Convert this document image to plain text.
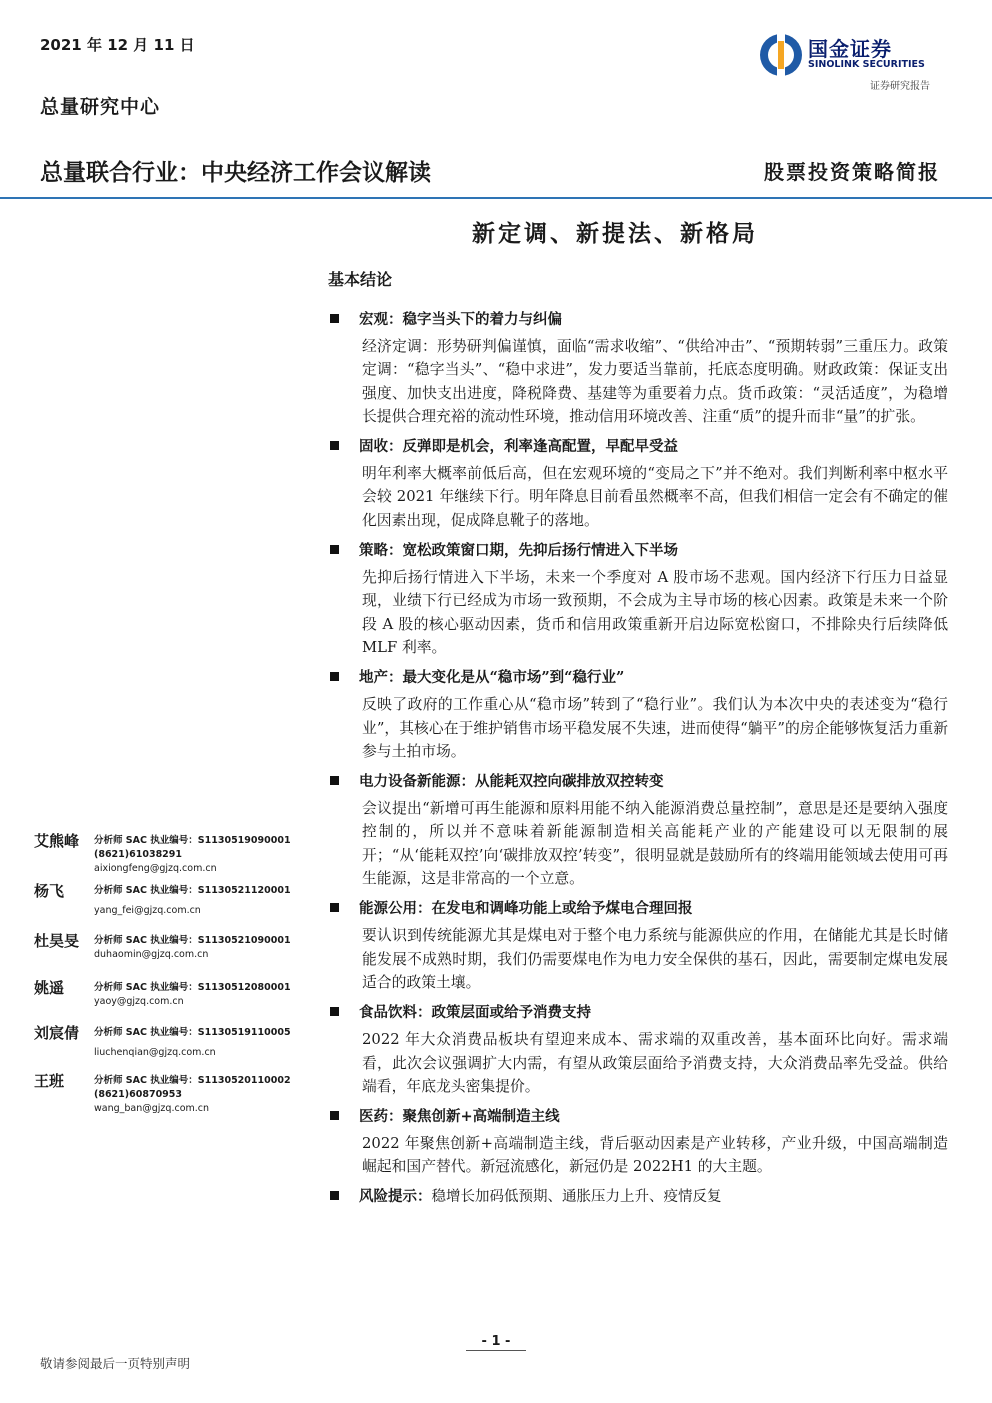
2021 年 12 月 11 日
总量研究中心
国金证券
SINOLINK SECURITIES
证券研究报告
总量联合行业：中央经济工作会议解读	股票投资策略简报
新定调、新提法、新格局
基本结论
宏观：稳字当头下的着力与纠偏
经济定调：形势研判偏谨慎，面临“需求收缩”、“供给冲击”、“预期转弱”三重压力。政策定调：“稳字当头”、“稳中求进”，发力要适当靠前，托底态度明确。财政政策：保证支出强度、加快支出进度，降税降费、基建等为重要着力点。货币政策：“灵活适度”，为稳增长提供合理充裕的流动性环境，推动信用环境改善、注重“质”的提升而非“量”的扩张。
固收：反弹即是机会，利率逢高配置，早配早受益
明年利率大概率前低后高，但在宏观环境的“变局之下”并不绝对。我们判断利率中枢水平会较 2021 年继续下行。明年降息目前看虽然概率不高，但我们相信一定会有不确定的催化因素出现，促成降息靴子的落地。
策略：宽松政策窗口期，先抑后扬行情进入下半场
先抑后扬行情进入下半场，未来一个季度对 A 股市场不悲观。国内经济下行压力日益显现，业绩下行已经成为市场一致预期，不会成为主导市场的核心因素。政策是未来一个阶段 A 股的核心驱动因素，货币和信用政策重新开启边际宽松窗口，不排除央行后续降低 MLF 利率。
地产：最大变化是从“稳市场”到“稳行业”
反映了政府的工作重心从“稳市场”转到了“稳行业”。我们认为本次中央的表述变为“稳行业”，其核心在于维护销售市场平稳发展不失速，进而使得“躺平”的房企能够恢复活力重新参与土拍市场。
电力设备新能源：从能耗双控向碳排放双控转变
会议提出“新增可再生能源和原料用能不纳入能源消费总量控制”，意思是还是要纳入强度控制的，所以并不意味着新能源制造相关高能耗产业的产能建设可以无限制的展开；“从‘能耗双控’向‘碳排放双控’转变”，很明显就是鼓励所有的终端用能领域去使用可再生能源，这是非常高的一个立意。
能源公用：在发电和调峰功能上或给予煤电合理回报
要认识到传统能源尤其是煤电对于整个电力系统与能源供应的作用，在储能尤其是长时储能发展不成熟时期，我们仍需要煤电作为电力安全保供的基石，因此，需要制定煤电发展适合的政策土壤。
食品饮料：政策层面或给予消费支持
2022 年大众消费品板块有望迎来成本、需求端的双重改善，基本面环比向好。需求端看，此次会议强调扩大内需，有望从政策层面给予消费支持，大众消费品率先受益。供给端看，年底龙头密集提价。
医药：聚焦创新+高端制造主线
2022 年聚焦创新+高端制造主线，背后驱动因素是产业转移，产业升级，中国高端制造崛起和国产替代。新冠流感化，新冠仍是 2022H1 的大主题。
风险提示： 稳增长加码低预期、通胀压力上升、疫情反复
艾熊峰 分析师 SAC 执业编号：S1130519090001
(8621)61038291
aixiongfeng@gjzq.com.cn
杨飞	分析师 SAC 执业编号：S1130521120001
yang_fei@gjzq.com.cn
杜昊旻 分析师 SAC 执业编号：S1130521090001
duhaomin@gjzq.com.cn
姚遥	分析师 SAC 执业编号：S1130512080001
yaoy@gjzq.com.cn
刘宸倩 分析师 SAC 执业编号：S1130519110005
liuchenqian@gjzq.com.cn
王班	分析师 SAC 执业编号：S1130520110002
(8621)60870953
wang_ban@gjzq.com.cn
- 1 -
敬请参阅最后一页特别声明
